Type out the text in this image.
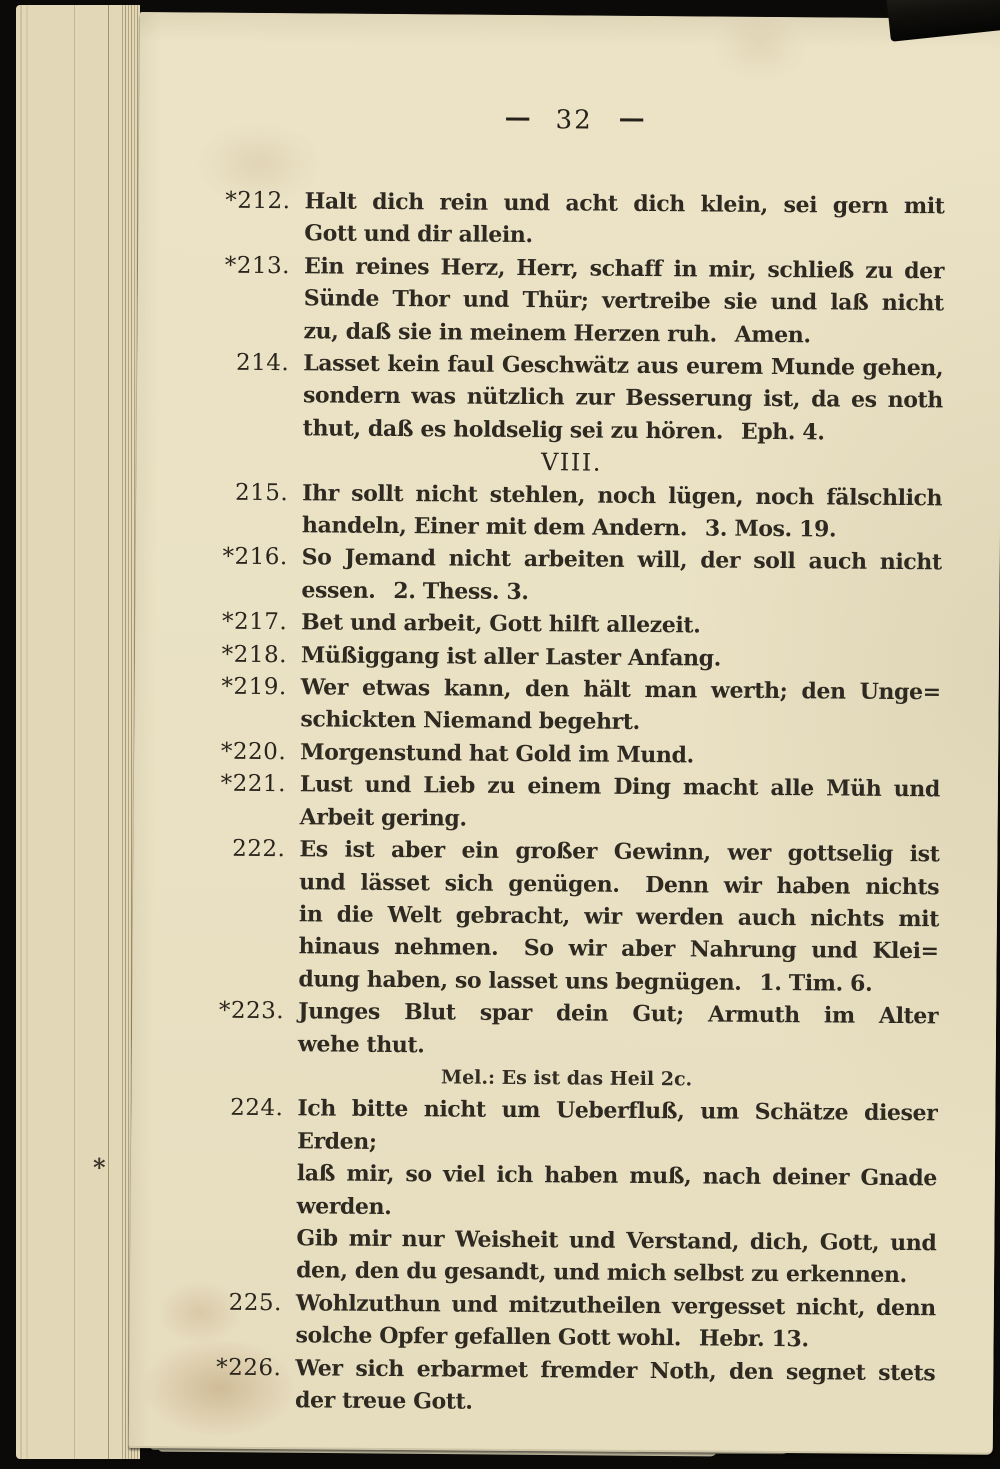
— 32 —
*212. Halt dich rein und acht dich klein, sei gern mit
Gott und dir allein.
*213. Ein reines Herz, Herr, schaff in mir, schließ zu der
Sünde Thor und Thür; vertreibe sie und laß nicht
zu, daß sie in meinem Herzen ruh.  Amen.
214. Lasset kein faul Geschwätz aus eurem Munde gehen,
sondern was nützlich zur Besserung ist, da es noth
thut, daß es holdselig sei zu hören.  Eph. 4.
VIII.
215. Ihr sollt nicht stehlen, noch lügen, noch fälschlich
handeln, Einer mit dem Andern.  3. Mos. 19.
*216. So Jemand nicht arbeiten will, der soll auch nicht
essen.  2. Thess. 3.
*217. Bet und arbeit, Gott hilft allezeit.
*218. Müßiggang ist aller Laster Anfang.
*219. Wer etwas kann, den hält man werth; den Unge=
schickten Niemand begehrt.
*220. Morgenstund hat Gold im Mund.
*221. Lust und Lieb zu einem Ding macht alle Müh und
Arbeit gering.
222. Es ist aber ein großer Gewinn, wer gottselig ist
und lässet sich genügen.  Denn wir haben nichts
in die Welt gebracht, wir werden auch nichts mit
hinaus nehmen.  So wir aber Nahrung und Klei=
dung haben, so lasset uns begnügen.  1. Tim. 6.
*223. Junges Blut spar dein Gut; Armuth im Alter
wehe thut.
Mel.: Es ist das Heil 2c.
224. Ich bitte nicht um Ueberfluß, um Schätze dieser Erden;
laß mir, so viel ich haben muß, nach deiner Gnade werden.
Gib mir nur Weisheit und Verstand, dich, Gott, und
den, den du gesandt, und mich selbst zu erkennen.
225. Wohlzuthun und mitzutheilen vergesset nicht, denn
solche Opfer gefallen Gott wohl.  Hebr. 13.
*226. Wer sich erbarmet fremder Noth, den segnet stets
der treue Gott.
*
